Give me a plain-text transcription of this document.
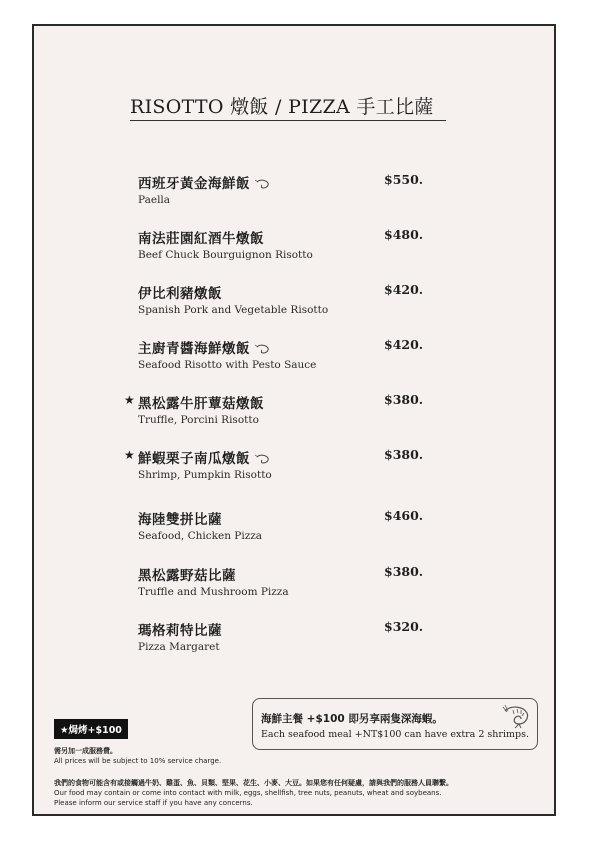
RISOTTO 燉飯 / PIZZA 手工比薩
西班牙黃金海鮮飯
Paella
$550.
南法莊園紅酒牛燉飯
Beef Chuck Bourguignon Risotto
$480.
伊比利豬燉飯
Spanish Pork and Vegetable Risotto
$420.
主廚青醬海鮮燉飯
Seafood Risotto with Pesto Sauce
$420.
★ 黑松露牛肝蕈菇燉飯
Truffle, Porcini Risotto
$380.
★ 鮮蝦栗子南瓜燉飯
Shrimp, Pumpkin Risotto
$380.
海陸雙拼比薩
Seafood, Chicken Pizza
$460.
黑松露野菇比薩
Truffle and Mushroom Pizza
$380.
瑪格莉特比薩
Pizza Margaret
$320.
★焗烤+$100
海鮮主餐 +$100 即另享兩隻深海蝦。
Each seafood meal +NT$100 can have extra 2 shrimps.
需另加一成服務費。
All prices will be subject to 10% service charge.
我們的食物可能含有或接觸過牛奶、雞蛋、魚、貝類、堅果、花生、小麥、大豆。如果您有任何疑慮，請與我們的服務人員聯繫。
Our food may contain or come into contact with milk, eggs, shellfish, tree nuts, peanuts, wheat and soybeans.
Please inform our service staff if you have any concerns.
